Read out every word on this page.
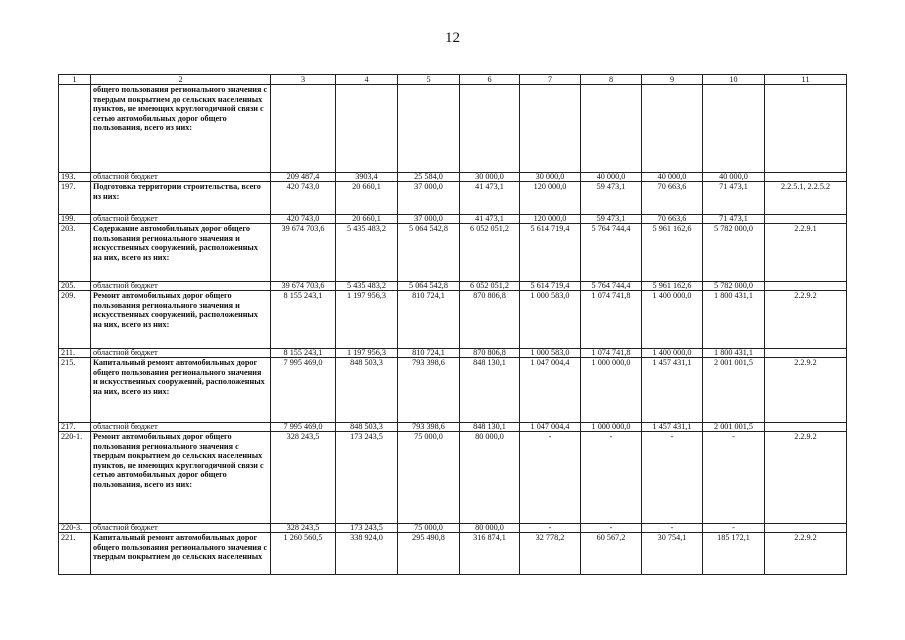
12
1	2	3	4	5	6	7	8	9	10	11
	общего пользования регионального значения с твердым покрытием до сельских населенных пунктов, не имеющих круглогодичной связи с сетью автомобильных дорог общего пользования, всего из них:									
193.	областной бюджет	209 487,4	3903,4	25 584,0	30 000,0	30 000,0	40 000,0	40 000,0	40 000,0	
197.	Подготовка территории строительства, всего из них:	420 743,0	20 660,1	37 000,0	41 473,1	120 000,0	59 473,1	70 663,6	71 473,1	2.2.5.1, 2.2.5.2
199.	областной бюджет	420 743,0	20 660,1	37 000,0	41 473,1	120 000,0	59 473,1	70 663,6	71 473,1	
203.	Содержание автомобильных дорог общего пользования регионального значения и искусственных сооружений, расположенных на них, всего из них:	39 674 703,6	5 435 483,2	5 064 542,8	6 052 051,2	5 614 719,4	5 764 744,4	5 961 162,6	5 782 000,0	2.2.9.1
205.	областной бюджет	39 674 703,6	5 435 483,2	5 064 542,8	6 052 051,2	5 614 719,4	5 764 744,4	5 961 162,6	5 782 000,0	
209.	Ремонт автомобильных дорог общего пользования регионального значения и искусственных сооружений, расположенных на них, всего из них:	8 155 243,1	1 197 956,3	810 724,1	870 806,8	1 000 583,0	1 074 741,8	1 400 000,0	1 800 431,1	2.2.9.2
211.	областной бюджет	8 155 243,1	1 197 956,3	810 724,1	870 806,8	1 000 583,0	1 074 741,8	1 400 000,0	1 800 431,1	
215.	Капитальный ремонт автомобильных дорог общего пользования регионального значения и искусственных сооружений, расположенных на них, всего из них:	7 995 469,0	848 503,3	793 398,6	848 130,1	1 047 004,4	1 000 000,0	1 457 431,1	2 001 001,5	2.2.9.2
217.	областной бюджет	7 995 469,0	848 503,3	793 398,6	848 130,1	1 047 004,4	1 000 000,0	1 457 431,1	2 001 001,5	
220-1.	Ремонт автомобильных дорог общего пользования регионального значения с твердым покрытием до сельских населенных пунктов, не имеющих круглогодичной связи с сетью автомобильных дорог общего пользования, всего из них:	328 243,5	173 243,5	75 000,0	80 000,0	-	-	-	-	2.2.9.2
220-3.	областной бюджет	328 243,5	173 243,5	75 000,0	80 000,0	-	-	-	-	
221.	Капитальный ремонт автомобильных дорог общего пользования регионального значения с твердым покрытием до сельских населенных	1 260 560,5	338 924,0	295 490,8	316 874,1	32 778,2	60 567,2	30 754,1	185 172,1	2.2.9.2
